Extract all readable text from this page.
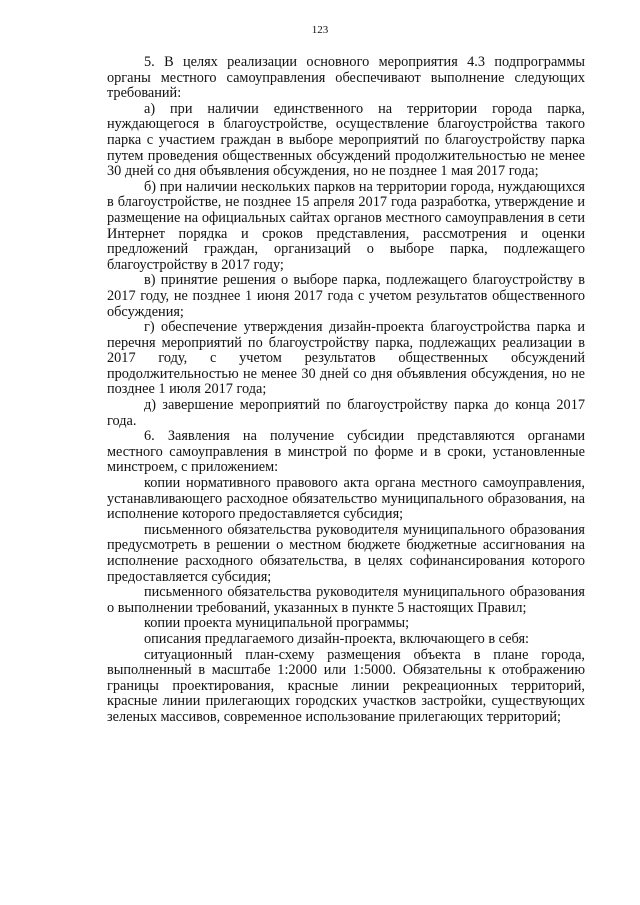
123

5. В целях реализации основного мероприятия 4.3 подпрограммы органы местного самоуправления обеспечивают выполнение следующих требований:

а) при наличии единственного на территории города парка, нуждающегося в благоустройстве, осуществление благоустройства такого парка с участием граждан в выборе мероприятий по благоустройству парка путем проведения общественных обсуждений продолжительностью не менее 30 дней со дня объявления обсуждения, но не позднее 1 мая 2017 года;

б) при наличии нескольких парков на территории города, нуждающихся в благоустройстве, не позднее 15 апреля 2017 года разработка, утверждение и размещение на официальных сайтах органов местного самоуправления в сети Интернет порядка и сроков представления, рассмотрения и оценки предложений граждан, организаций о выборе парка, подлежащего благоустройству в 2017 году;

в) принятие решения о выборе парка, подлежащего благоустройству в 2017 году, не позднее 1 июня 2017 года с учетом результатов общественного обсуждения;

г) обеспечение утверждения дизайн-проекта благоустройства парка и перечня мероприятий по благоустройству парка, подлежащих реализации в 2017 году, с учетом результатов общественных обсуждений продолжительностью не менее 30 дней со дня объявления обсуждения, но не позднее 1 июля 2017 года;

д) завершение мероприятий по благоустройству парка до конца 2017 года.

6. Заявления на получение субсидии представляются органами местного самоуправления в минстрой по форме и в сроки, установленные минстроем, с приложением:

копии нормативного правового акта органа местного самоуправления, устанавливающего расходное обязательство муниципального образования, на исполнение которого предоставляется субсидия;

письменного обязательства руководителя муниципального образования предусмотреть в решении о местном бюджете бюджетные ассигнования на исполнение расходного обязательства, в целях софинансирования которого предоставляется субсидия;

письменного обязательства руководителя муниципального образования о выполнении требований, указанных в пункте 5 настоящих Правил;

копии проекта муниципальной программы;

описания предлагаемого дизайн-проекта, включающего в себя:

ситуационный план-схему размещения объекта в плане города, выполненный в масштабе 1:2000 или 1:5000. Обязательны к отображению границы проектирования, красные линии рекреационных территорий, красные линии прилегающих городских участков застройки, существующих зеленых массивов, современное использование прилегающих территорий;
